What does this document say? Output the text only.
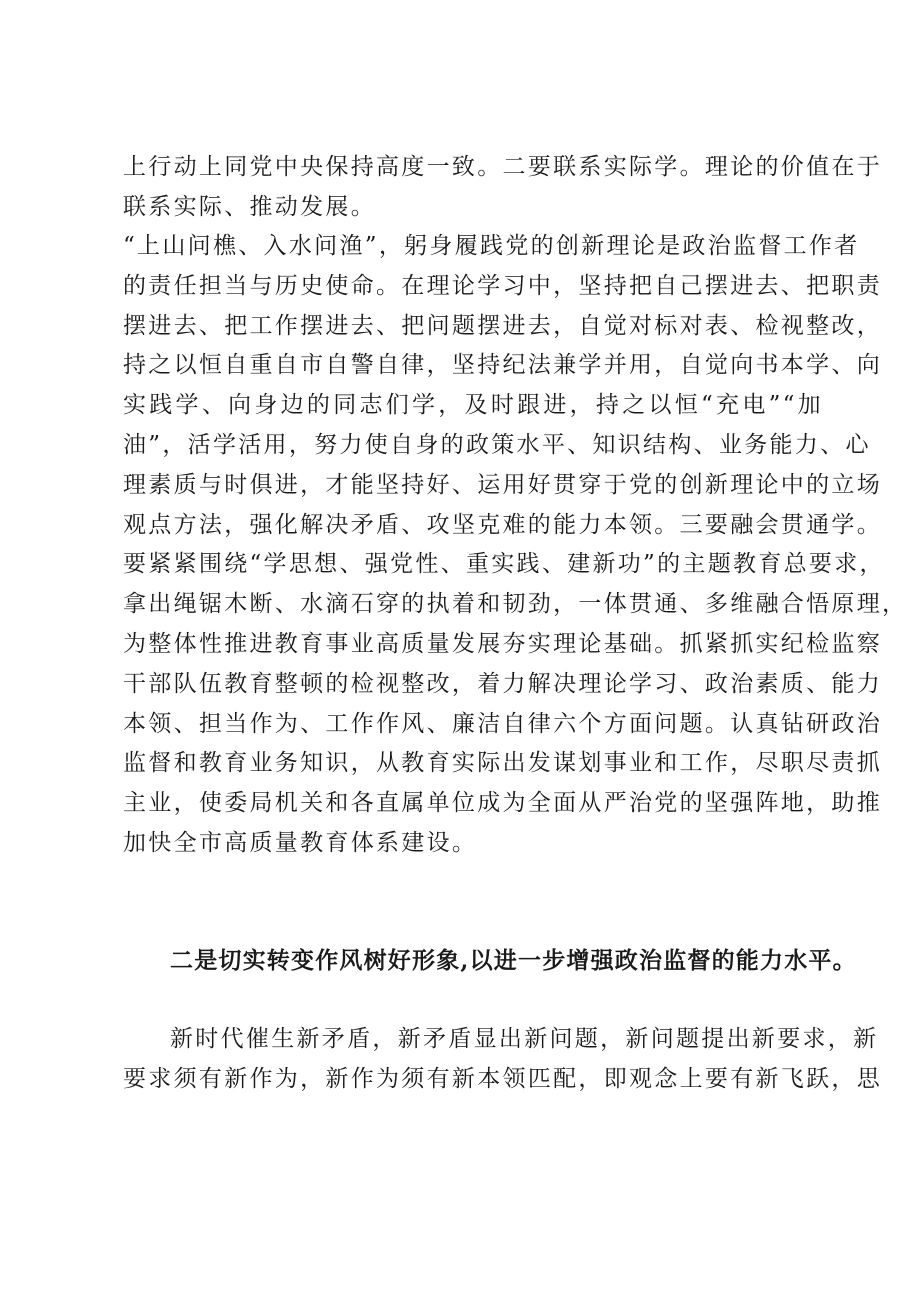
上行动上同党中央保持高度一致。二要联系实际学。理论的价值在于
联系实际、推动发展。
“上山问樵、入水问渔”，躬身履践党的创新理论是政治监督工作者
的责任担当与历史使命。在理论学习中，坚持把自己摆进去、把职责
摆进去、把工作摆进去、把问题摆进去，自觉对标对表、检视整改，
持之以恒自重自市自警自律，坚持纪法兼学并用，自觉向书本学、向
实践学、向身边的同志们学，及时跟进，持之以恒“充电”“加
油”，活学活用，努力使自身的政策水平、知识结构、业务能力、心
理素质与时俱进，才能坚持好、运用好贯穿于党的创新理论中的立场
观点方法，强化解决矛盾、攻坚克难的能力本领。三要融会贯通学。
要紧紧围绕“学思想、强党性、重实践、建新功”的主题教育总要求，
拿出绳锯木断、水滴石穿的执着和韧劲，一体贯通、多维融合悟原理，
为整体性推进教育事业高质量发展夯实理论基础。抓紧抓实纪检监察
干部队伍教育整顿的检视整改，着力解决理论学习、政治素质、能力
本领、担当作为、工作作风、廉洁自律六个方面问题。认真钻研政治
监督和教育业务知识，从教育实际出发谋划事业和工作，尽职尽责抓
主业，使委局机关和各直属单位成为全面从严治党的坚强阵地，助推
加快全市高质量教育体系建设。
二是切实转变作风树好形象,以进一步增强政治监督的能力水平。
新时代催生新矛盾，新矛盾显出新问题，新问题提出新要求，新
要求须有新作为，新作为须有新本领匹配，即观念上要有新飞跃，思
